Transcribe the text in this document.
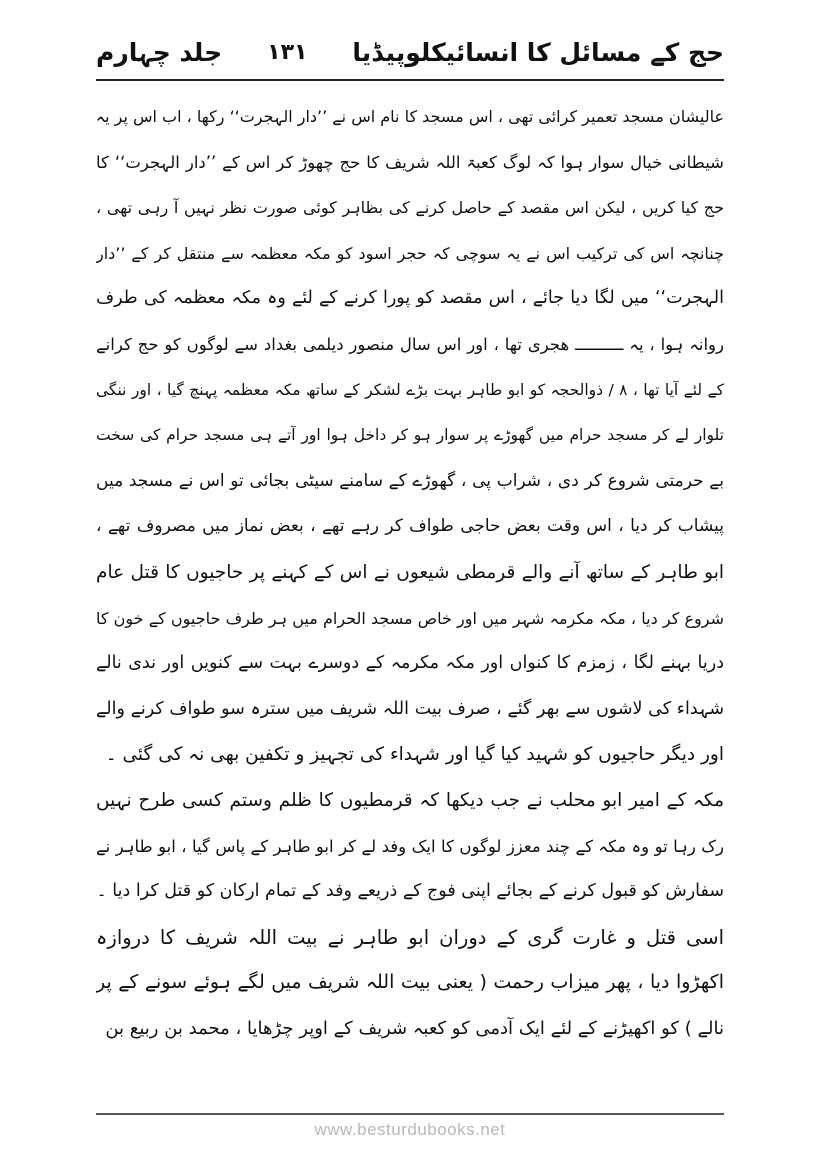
حج کے مسائل کا انسائیکلوپیڈیا
۱۳۱
جلد چہارم
عالیشان مسجد تعمیر کرائی تھی ، اس مسجد کا نام اس نے ’’دار الہجرت‘‘ رکھا ، اب اس پر یہ
شیطانی خیال سوار ہوا کہ لوگ کعبۃ اللہ شریف کا حج چھوڑ کر اس کے ’’دار الہجرت‘‘ کا
حج کیا کریں ، لیکن اس مقصد کے حاصل کرنے کی بظاہر کوئی صورت نظر نہیں آ رہی تھی ،
چنانچہ اس کی ترکیب اس نے یہ سوچی کہ حجر اسود کو مکہ معظمہ سے منتقل کر کے ’’دار
الہجرت‘‘ میں لگا دیا جائے ، اس مقصد کو پورا کرنے کے لئے وہ مکہ معظمہ کی طرف
روانہ ہوا ، یہ ــــــــــ ھجری تھا ، اور اس سال منصور دیلمی بغداد سے لوگوں کو حج کرانے
کے لئے آیا تھا ، ۸ / ذوالحجہ کو ابو طاہر بہت بڑے لشکر کے ساتھ مکہ معظمہ پہنچ گیا ، اور ننگی
تلوار لے کر مسجد حرام میں گھوڑے پر سوار ہو کر داخل ہوا اور آتے ہی مسجد حرام کی سخت
بے حرمتی شروع کر دی ، شراب پی ، گھوڑے کے سامنے سیٹی بجائی تو اس نے مسجد میں
پیشاب کر دیا ، اس وقت بعض حاجی طواف کر رہے تھے ، بعض نماز میں مصروف تھے ،
ابو طاہر کے ساتھ آنے والے قرمطی شیعوں نے اس کے کہنے پر حاجیوں کا قتل عام
شروع کر دیا ، مکہ مکرمہ شہر میں اور خاص مسجد الحرام میں ہر طرف حاجیوں کے خون کا
دریا بہنے لگا ، زمزم کا کنواں اور مکہ مکرمہ کے دوسرے بہت سے کنویں اور ندی نالے
شہداء کی لاشوں سے بھر گئے ، صرف بیت اللہ شریف میں سترہ سو طواف کرنے والے
اور دیگر حاجیوں کو شہید کیا گیا اور شہداء کی تجہیز و تکفین بھی نہ کی گئی ۔
مکہ کے امیر ابو محلب نے جب دیکھا کہ قرمطیوں کا ظلم وستم کسی طرح نہیں
رک رہا تو وہ مکہ کے چند معزز لوگوں کا ایک وفد لے کر ابو طاہر کے پاس گیا ، ابو طاہر نے
سفارش کو قبول کرنے کے بجائے اپنی فوج کے ذریعے وفد کے تمام ارکان کو قتل کرا دیا ۔
اسی قتل و غارت گری کے دوران ابو طاہر نے بیت اللہ شریف کا دروازہ
اکھڑوا دیا ، پھر میزاب رحمت ( یعنی بیت اللہ شریف میں لگے ہوئے سونے کے پر
نالے ) کو اکھیڑنے کے لئے ایک آدمی کو کعبہ شریف کے اوپر چڑھایا ، محمد بن ربیع بن
www.besturdubooks.net
